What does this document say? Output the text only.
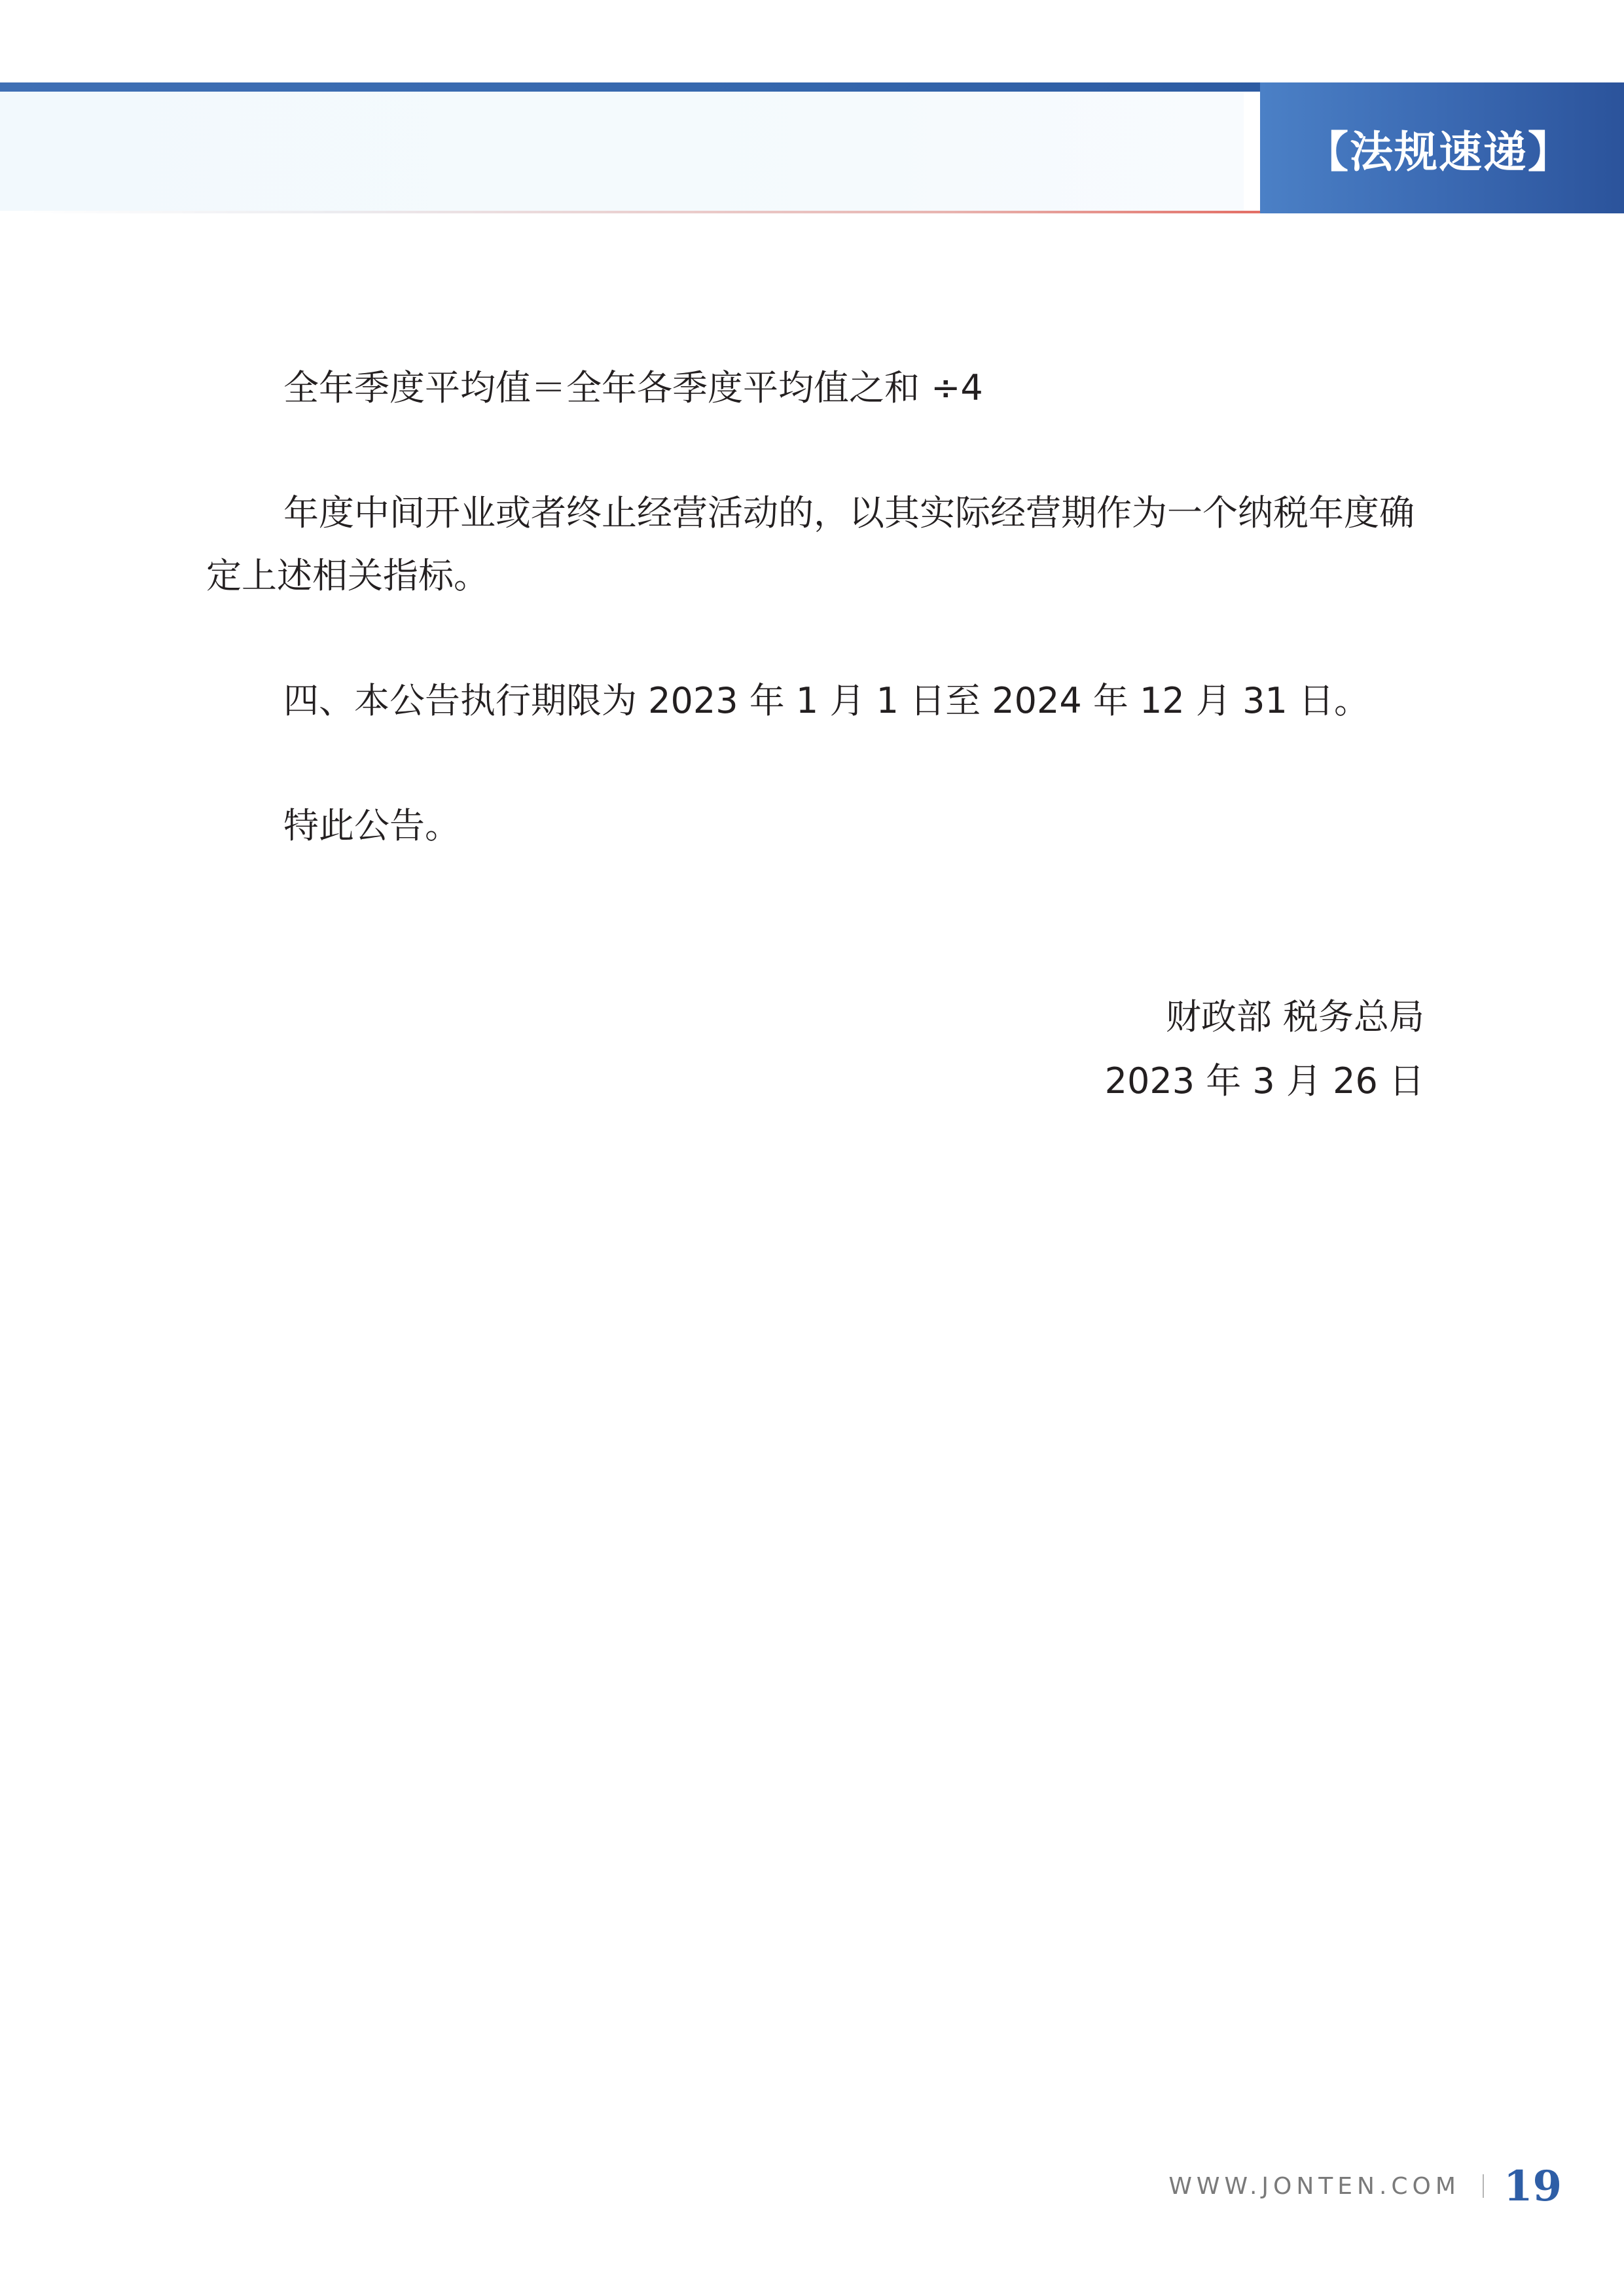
【法规速递】

全年季度平均值＝全年各季度平均值之和 ÷4

年度中间开业或者终止经营活动的，以其实际经营期作为一个纳税年度确定上述相关指标。

四、本公告执行期限为 2023 年 1 月 1 日至 2024 年 12 月 31 日。

特此公告。

财政部 税务总局
2023 年 3 月 26 日
WWW.JONTEN.COM 19
